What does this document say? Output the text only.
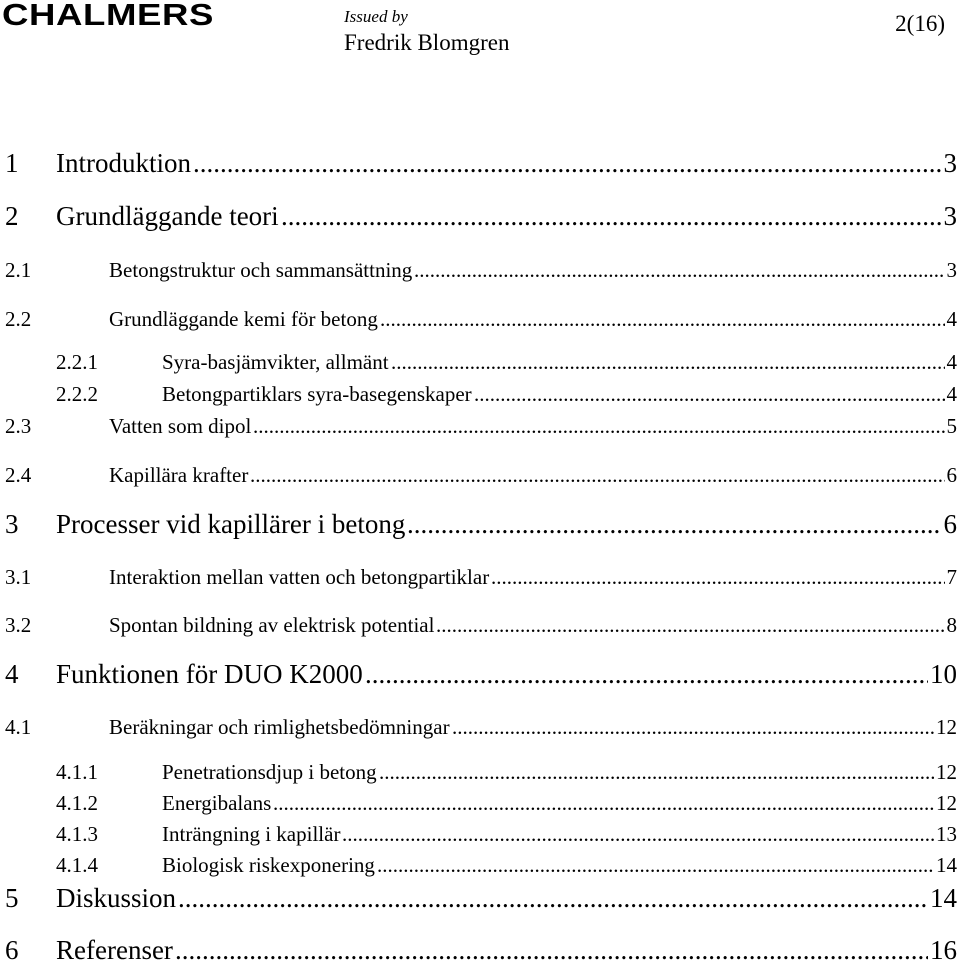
CHALMERS	Issued by
Fredrik Blomgren
2(16)
.....
1 Introduktion	3
.....
2 Grundläggande teori	3
.....
2.1	Betongstruktur och sammansättning	3
.....
2.2	Grundläggande kemi för betong	4
.....
2.2.1	Syra-basjämvikter, allmänt	4
.....
2.2.2	Betongpartiklars syra-basegenskaper	4
.....
2.3	Vatten som dipol	5
.....
2.4	Kapillära krafter	6
.....
3 Processer vid kapillärer i betong	6
.....
3.1	Interaktion mellan vatten och betongpartiklar	7
.....
3.2	Spontan bildning av elektrisk potential	8
.....
4 Funktionen för DUO K2000	10
.....
4.1	Beräkningar och rimlighetsbedömningar	12
.....
4.1.1	Penetrationsdjup i betong	12
.....
4.1.2	Energibalans	12
.....
4.1.3	Inträngning i kapillär	13
.....
4.1.4	Biologisk riskexponering	14
.....
5 Diskussion	14
.....
6 Referenser	16
